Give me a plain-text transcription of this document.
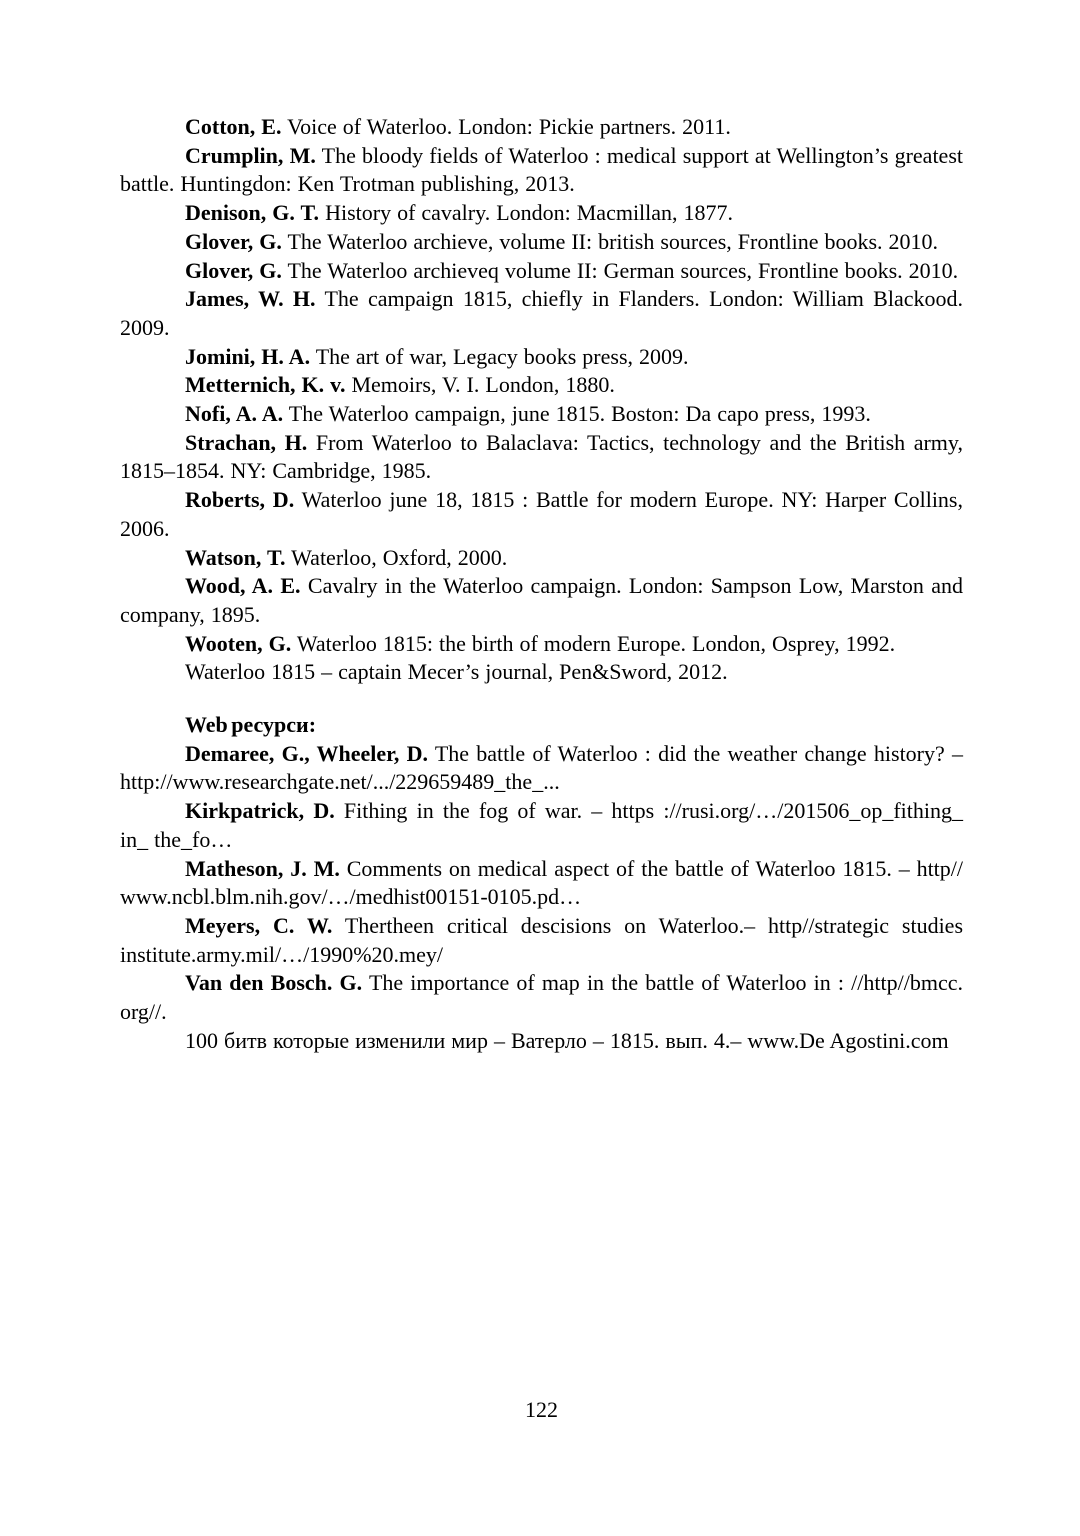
Cotton, E. Voice of Waterloo. London: Pickie partners. 2011.

Crumplin, M. The bloody fields of Waterloo : medical support at Wellington’s greatest battle. Huntingdon: Ken Trotman publishing, 2013.

Denison, G. T. History of cavalry. London: Macmillan, 1877.

Glover, G. The Waterloo archieve, volume II: british sources, Frontline books. 2010.

Glover, G. The Waterloo archieveq volume II: German sources, Frontline books. 2010.

James, W. H. The campaign 1815, chiefly in Flanders. London: William Blackood. 2009.

Jomini, H. A. The art of war, Legacy books press, 2009.

Metternich, K. v. Memoirs, V. I. London, 1880.

Nofi, A. A. The Waterloo campaign, june 1815. Boston: Da capo press, 1993.

Strachan, H. From Waterloo to Balaclava: Tactics, technology and the British army, 1815–1854. NY: Cambridge, 1985.

Roberts, D. Waterloo june 18, 1815 : Battle for modern Europe. NY: Harper Collins, 2006.

Watson, T. Waterloo, Oxford, 2000.

Wood, A. E. Cavalry in the Waterloo campaign. London: Sampson Low, Marston and company, 1895.

Wooten, G. Waterloo 1815: the birth of modern Europe. London, Osprey, 1992.

Waterloo 1815 – captain Mecer’s journal, Pen&Sword, 2012.

Web ресурси:

Demaree, G., Wheeler, D. The battle of Waterloo : did the weather change history? – http://www.researchgate.net/.../229659489_the_...

Kirkpatrick, D. Fithing in the fog of war. – https ://rusi.org/…/201506_op_fithing_ in_ the_fo…

Matheson, J. M. Comments on medical aspect of the battle of Waterloo 1815. – http// www.ncbl.blm.nih.gov/…/medhist00151-0105.pd…

Meyers, C. W. Thertheen critical descisions on Waterloo.– http//strategic studies institute.army.mil/…/1990%20.mey/

Van den Bosch. G. The importance of map in the battle of Waterloo in : //http//bmcc. org//.

100 битв которые изменили мир – Ватерло – 1815. вып. 4.– www.De Agostini.com

122
